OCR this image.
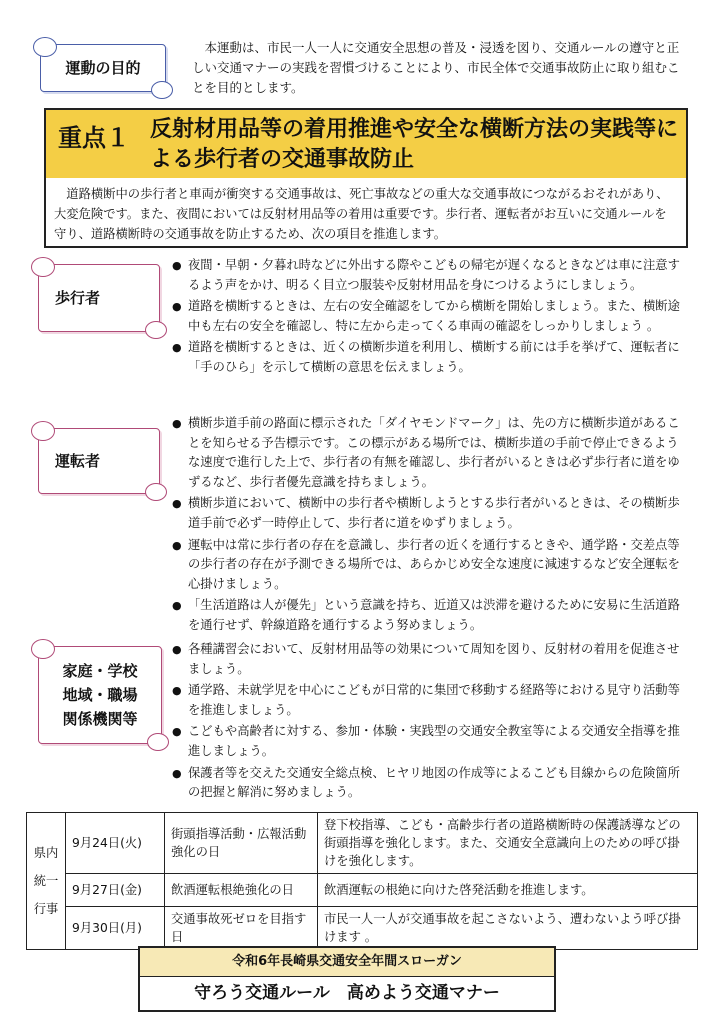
運動の目的
本運動は、市民一人一人に交通安全思想の普及・浸透を図り、交通ルールの遵守と正しい交通マナーの実践を習慣づけることにより、市民全体で交通事故防止に取り組むことを目的とします。
重点１ 反射材用品等の着用推進や安全な横断方法の実践等による歩行者の交通事故防止
道路横断中の歩行者と車両が衝突する交通事故は、死亡事故などの重大な交通事故につながるおそれがあり、大変危険です。また、夜間においては反射材用品等の着用は重要です。歩行者、運転者がお互いに交通ルールを守り、道路横断時の交通事故を防止するため、次の項目を推進します。
歩行者
● 夜間・早朝・夕暮れ時などに外出する際やこどもの帰宅が遅くなるときなどは車に注意するよう声をかけ、明るく目立つ服装や反射材用品を身につけるようにしましょう。
● 道路を横断するときは、左右の安全確認をしてから横断を開始しましょう。また、横断途中も左右の安全を確認し、特に左から走ってくる車両の確認をしっかりしましょう 。
● 道路を横断するときは、近くの横断歩道を利用し、横断する前には手を挙げて、運転者に「手のひら」を示して横断の意思を伝えましょう。
運転者
● 横断歩道手前の路面に標示された「ダイヤモンドマーク」は、先の方に横断歩道があることを知らせる予告標示です。この標示がある場所では、横断歩道の手前で停止できるような速度で進行した上で、歩行者の有無を確認し、歩行者がいるときは必ず歩行者に道をゆずるなど、歩行者優先意識を持ちましょう。
● 横断歩道において、横断中の歩行者や横断しようとする歩行者がいるときは、その横断歩道手前で必ず一時停止して、歩行者に道をゆずりましょう。
● 運転中は常に歩行者の存在を意識し、歩行者の近くを通行するときや、通学路・交差点等の歩行者の存在が予測できる場所では、あらかじめ安全な速度に減速するなど安全運転を心掛けましょう。
● 「生活道路は人が優先」という意識を持ち、近道又は渋滞を避けるために安易に生活道路を通行せず、幹線道路を通行するよう努めましょう。
家庭・学校
地域・職場
関係機関等
● 各種講習会において、反射材用品等の効果について周知を図り、反射材の着用を促進させましょう。
● 通学路、未就学児を中心にこどもが日常的に集団で移動する経路等における見守り活動等を推進しましょう。
● こどもや高齢者に対する、参加・体験・実践型の交通安全教室等による交通安全指導を推進しましょう。
● 保護者等を交えた交通安全総点検、ヒヤリ地図の作成等によるこども目線からの危険箇所の把握と解消に努めましょう。
県内
統一
行事	9月24日(火)	街頭指導活動・広報活動強化の日	登下校指導、こども・高齢歩行者の道路横断時の保護誘導などの街頭指導を強化します。また、交通安全意識向上のための呼び掛けを強化します。
	9月27日(金)	飲酒運転根絶強化の日	飲酒運転の根絶に向けた啓発活動を推進します。
	9月30日(月)	交通事故死ゼロを目指す日	市民一人一人が交通事故を起こさないよう、遭わないよう呼び掛けます 。
令和6年長崎県交通安全年間スローガン
守ろう交通ルール　高めよう交通マナー
